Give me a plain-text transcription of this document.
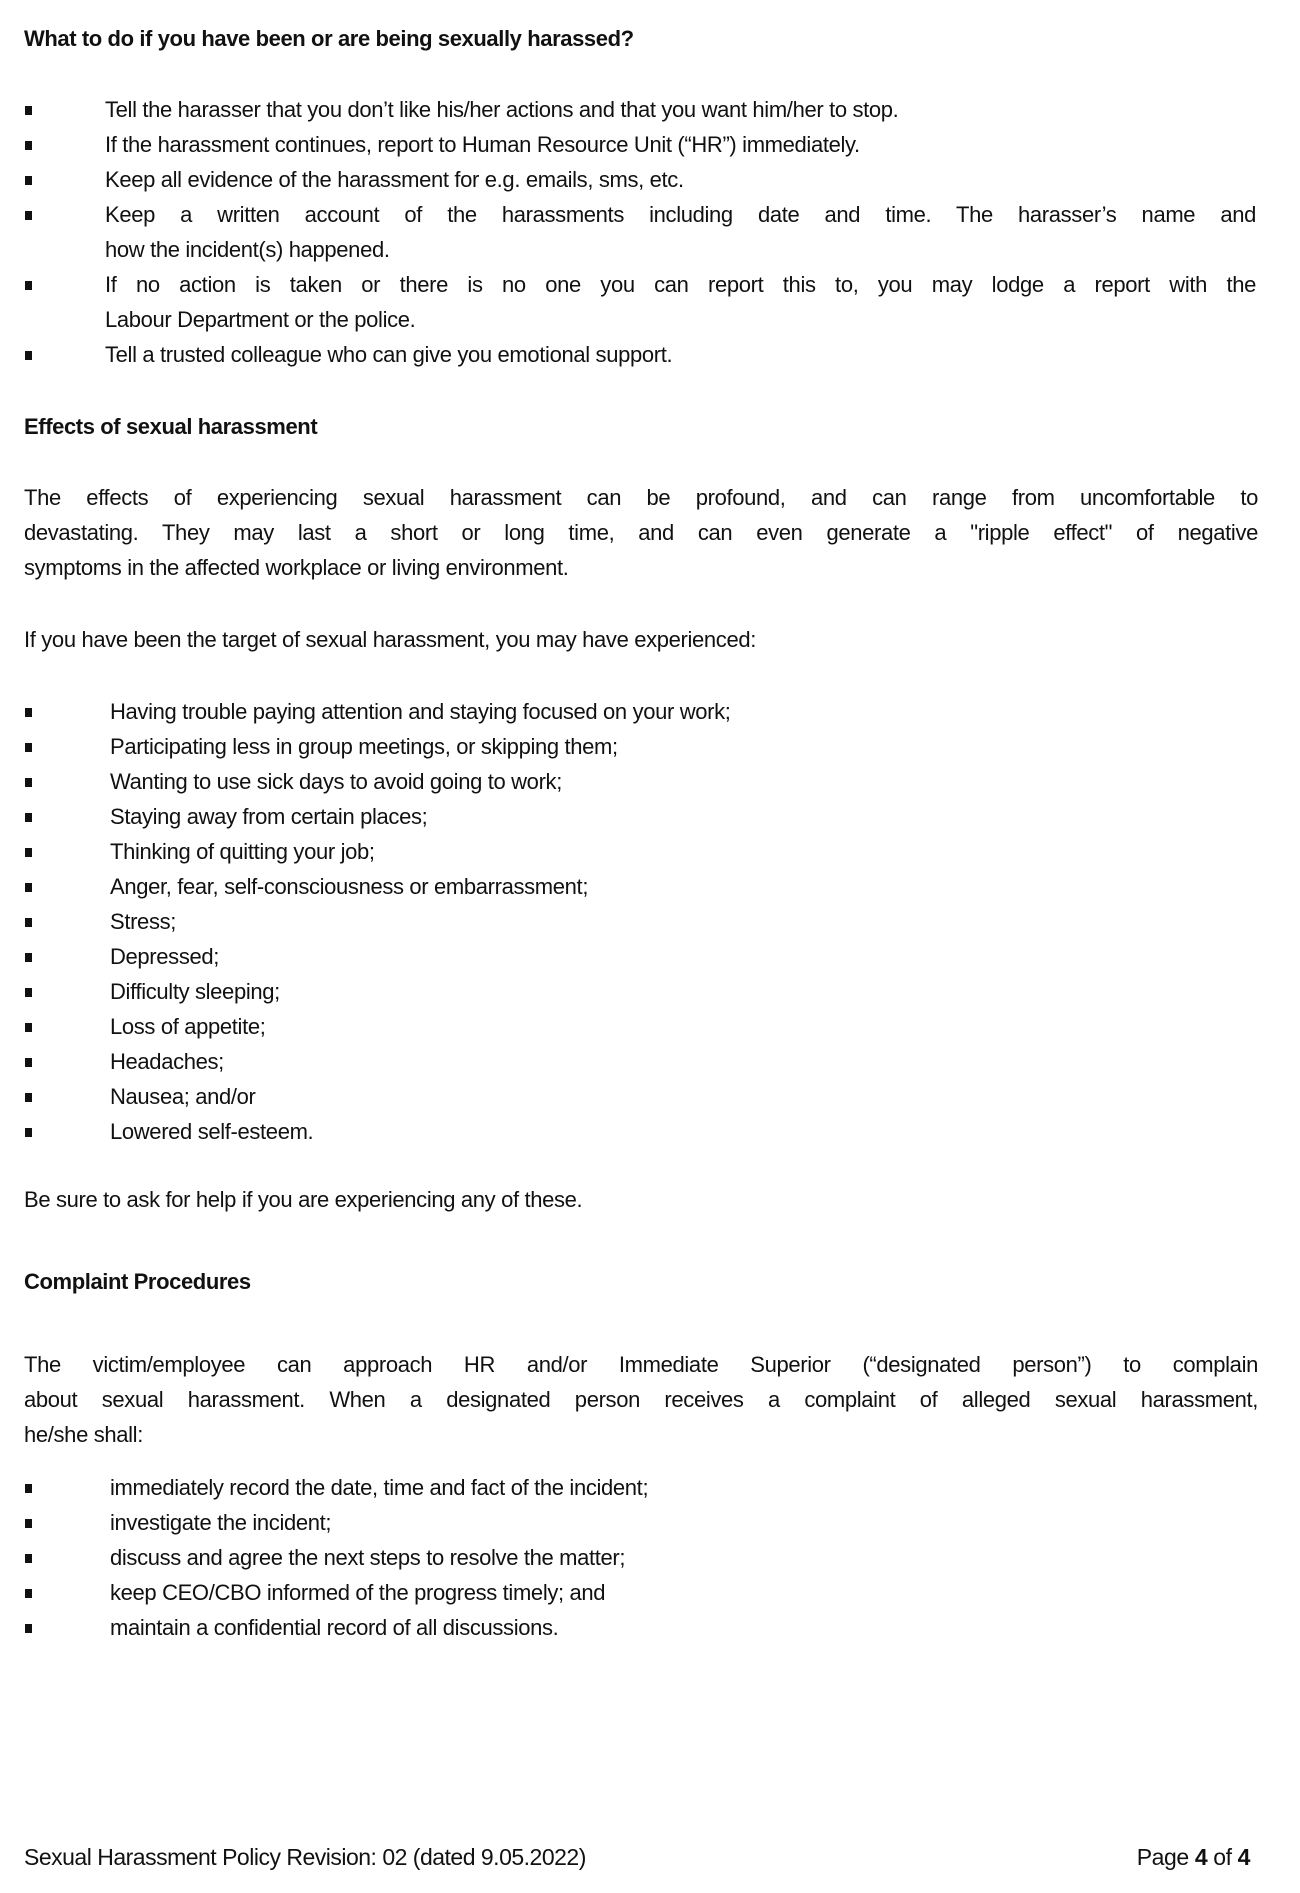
What to do if you have been or are being sexually harassed?
Tell the harasser that you don’t like his/her actions and that you want him/her to stop.
If the harassment continues, report to Human Resource Unit (“HR”) immediately.
Keep all evidence of the harassment for e.g. emails, sms, etc.
Keep a written account of the harassments including date and time. The harasser’s name and
how the incident(s) happened.
If no action is taken or there is no one you can report this to, you may lodge a report with the
Labour Department or the police.
Tell a trusted colleague who can give you emotional support.
Effects of sexual harassment
The effects of experiencing sexual harassment can be profound, and can range from uncomfortable to
devastating. They may last a short or long time, and can even generate a "ripple effect" of negative
symptoms in the affected workplace or living environment.
If you have been the target of sexual harassment, you may have experienced:
Having trouble paying attention and staying focused on your work;
Participating less in group meetings, or skipping them;
Wanting to use sick days to avoid going to work;
Staying away from certain places;
Thinking of quitting your job;
Anger, fear, self-consciousness or embarrassment;
Stress;
Depressed;
Difficulty sleeping;
Loss of appetite;
Headaches;
Nausea; and/or
Lowered self-esteem.
Be sure to ask for help if you are experiencing any of these.
Complaint Procedures
The victim/employee can approach HR and/or Immediate Superior (“designated person”) to complain
about sexual harassment. When a designated person receives a complaint of alleged sexual harassment,
he/she shall:
immediately record the date, time and fact of the incident;
investigate the incident;
discuss and agree the next steps to resolve the matter;
keep CEO/CBO informed of the progress timely; and
maintain a confidential record of all discussions.
Sexual Harassment Policy Revision: 02 (dated 9.05.2022)	Page 4 of 4
